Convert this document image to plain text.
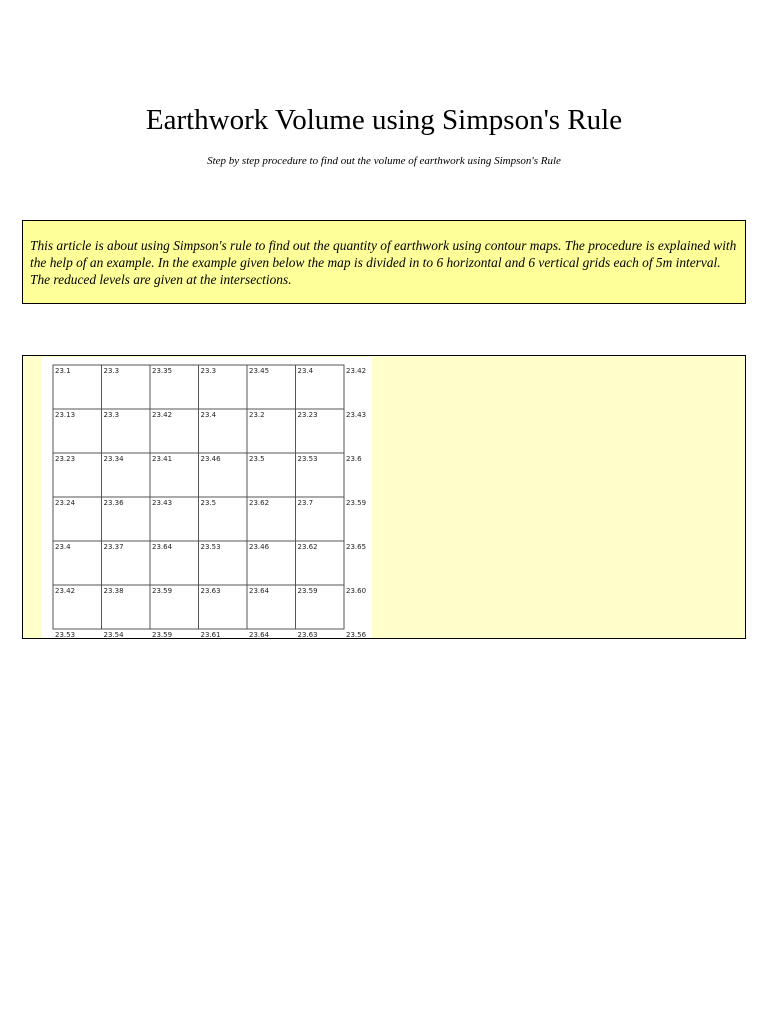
Earthwork Volume using Simpson's Rule
Step by step procedure to find out the volume of earthwork using Simpson's Rule
This article is about using Simpson's rule to find out the quantity of earthwork using contour maps. The procedure is explained with the help of an example. In the example given below the map is divided in to 6 horizontal and 6 vertical grids each of 5m interval. The reduced levels are given at the intersections.
23.1	23.3	23.35	23.3	23.45	23.4	23.42
23.13	23.3	23.42	23.4	23.2	23.23	23.43
23.23	23.34	23.41	23.46	23.5	23.53	23.6
23.24	23.36	23.43	23.5	23.62	23.7	23.59
23.4	23.37	23.64	23.53	23.46	23.62	23.65
23.42	23.38	23.59	23.63	23.64	23.59	23.60
23.53	23.54	23.59	23.61	23.64	23.63	23.56
